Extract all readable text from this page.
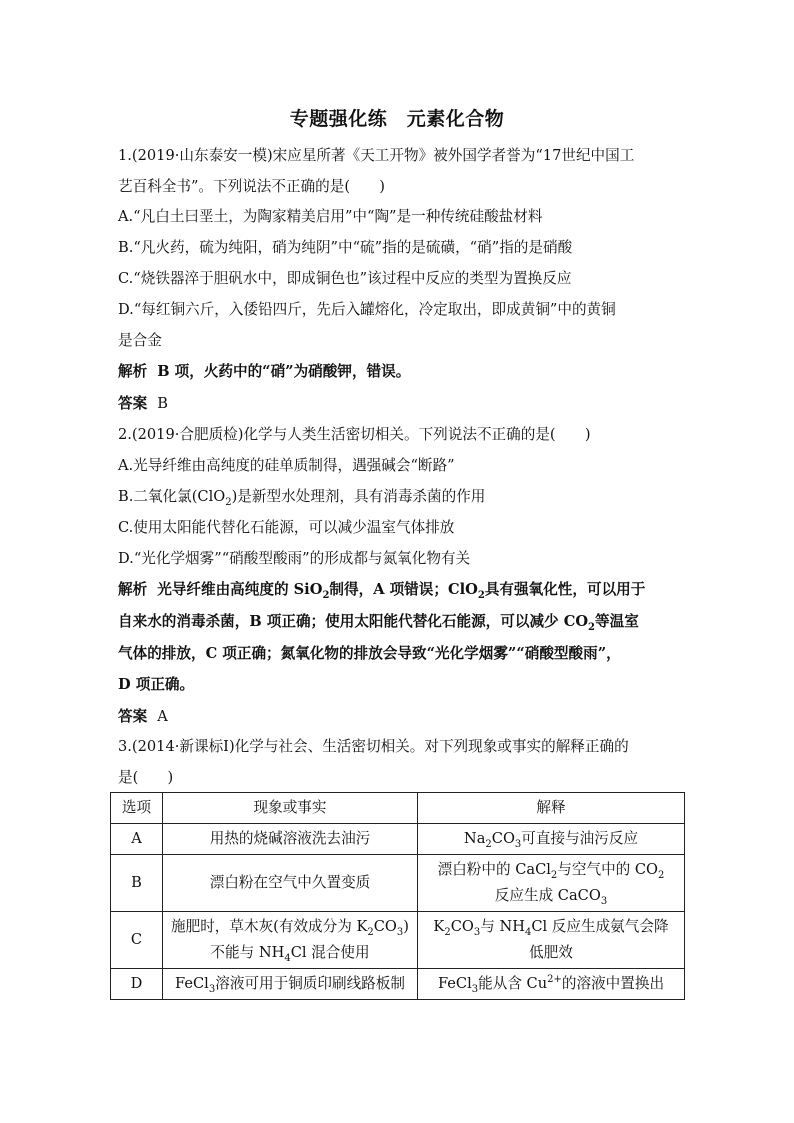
专题强化练　元素化合物
1.(2019·山东泰安一模)宋应星所著《天工开物》被外国学者誉为“17世纪中国工
艺百科全书”。下列说法不正确的是(　　)
A.“凡白土曰垩土，为陶家精美启用”中“陶”是一种传统硅酸盐材料
B.“凡火药，硫为纯阳，硝为纯阴”中“硫”指的是硫磺，“硝”指的是硝酸
C.“烧铁器淬于胆矾水中，即成铜色也”该过程中反应的类型为置换反应
D.“每红铜六斤，入倭铅四斤，先后入罐熔化，冷定取出，即成黄铜”中的黄铜
是合金
解析 B 项，火药中的“硝”为硝酸钾，错误。
答案 B
2.(2019·合肥质检)化学与人类生活密切相关。下列说法不正确的是(　　)
A.光导纤维由高纯度的硅单质制得，遇强碱会“断路”
B.二氧化氯(ClO$_2$)是新型水处理剂，具有消毒杀菌的作用
C.使用太阳能代替化石能源，可以减少温室气体排放
D.“光化学烟雾”“硝酸型酸雨”的形成都与氮氧化物有关
解析 光导纤维由高纯度的 SiO$_2$制得，A 项错误；ClO$_2$具有强氧化性，可以用于
自来水的消毒杀菌，B 项正确；使用太阳能代替化石能源，可以减少 $CO_2$等温室
气体的排放，C 项正确；氮氧化物的排放会导致“光化学烟雾”“硝酸型酸雨”，
D 项正确。
答案 A
3.(2014·新课标Ⅰ)化学与社会、生活密切相关。对下列现象或事实的解释正确的
是(　　)
选项	现象或事实	解释
A	用热的烧碱溶液洗去油污	$Na_2CO_3$可直接与油污反应
B	漂白粉在空气中久置变质	漂白粉中的 CaCl$_2$与空气中的 $CO_2$
反应生成 CaCO$_3$
C	施肥时，草木灰(有效成分为 $K_2CO_3$)
不能与 $NH_4Cl$ 混合使用	$K_2CO_3$与 $NH_4Cl$ 反应生成氨气会降
低肥效
D	FeCl$_3$溶液可用于铜质印刷线路板制	FeCl$_3$能从含 $Cu^{2+}$的溶液中置换出
